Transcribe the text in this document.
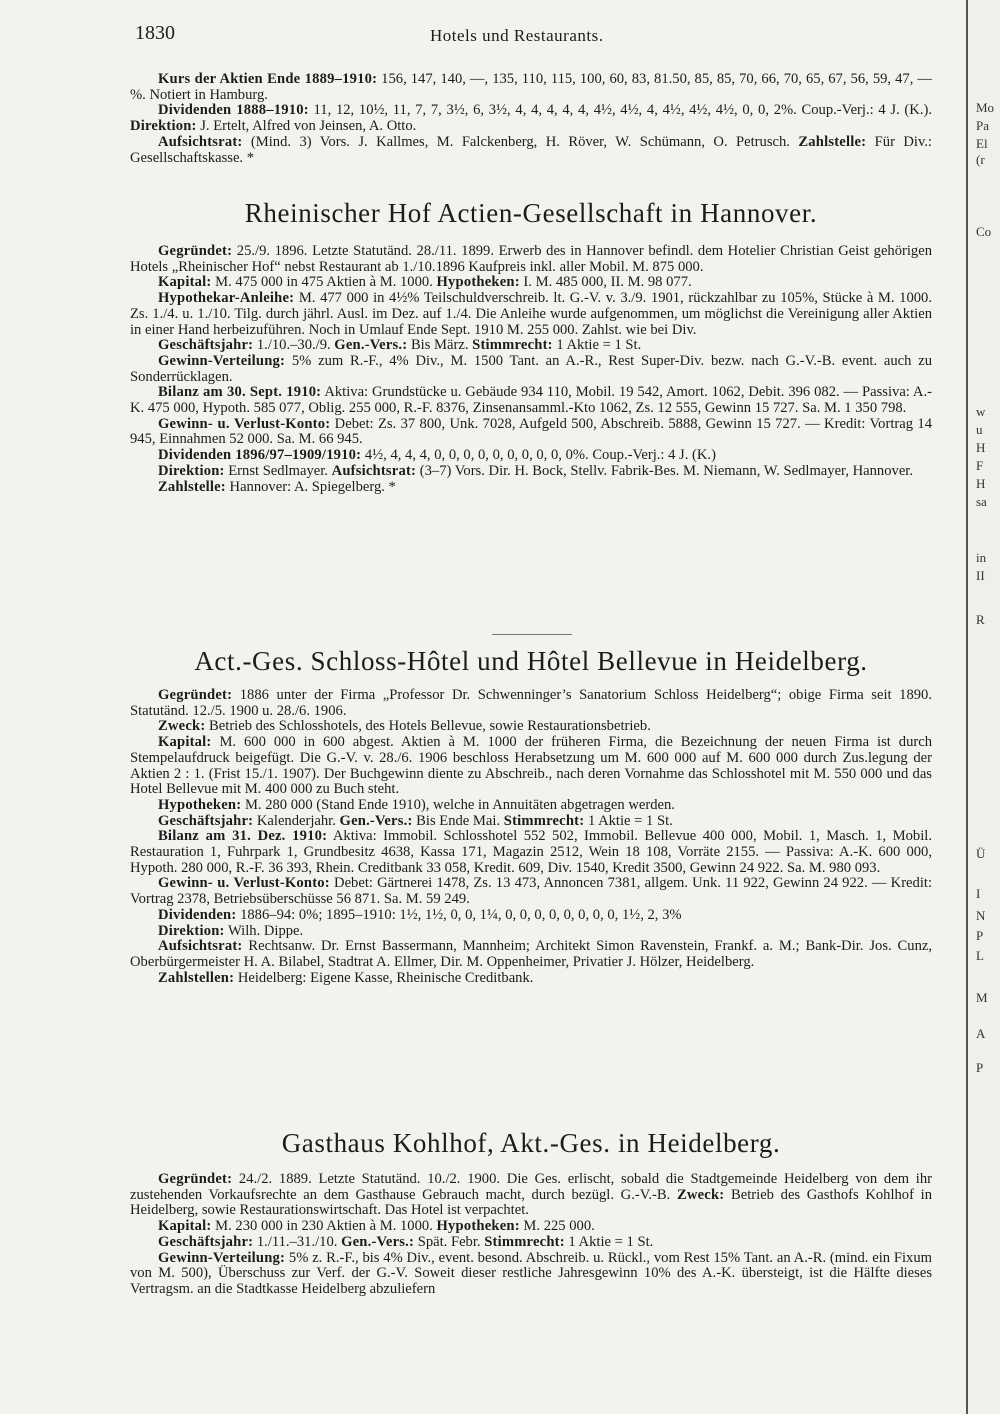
1830	Hotels und Restaurants.

Kurs der Aktien Ende 1889–1910: 156, 147, 140, —, 135, 110, 115, 100, 60, 83, 81.50, 85, 85, 70, 66, 70, 65, 67, 56, 59, 47, —%. Notiert in Hamburg.

Dividenden 1888–1910: 11, 12, 10½, 11, 7, 7, 3½, 6, 3½, 4, 4, 4, 4, 4, 4½, 4½, 4, 4½, 4½, 4½, 0, 0, 2%. Coup.-Verj.: 4 J. (K.). Direktion: J. Ertelt, Alfred von Jeinsen, A. Otto.

Aufsichtsrat: (Mind. 3) Vors. J. Kallmes, M. Falckenberg, H. Röver, W. Schümann, O. Petrusch. Zahlstelle: Für Div.: Gesellschaftskasse. *

Rheinischer Hof Actien-Gesellschaft in Hannover.

Gegründet: 25./9. 1896. Letzte Statutänd. 28./11. 1899. Erwerb des in Hannover befindl. dem Hotelier Christian Geist gehörigen Hotels „Rheinischer Hof“ nebst Restaurant ab 1./10.1896 Kaufpreis inkl. aller Mobil. M. 875 000.

Kapital: M. 475 000 in 475 Aktien à M. 1000. Hypotheken: I. M. 485 000, II. M. 98 077.

Hypothekar-Anleihe: M. 477 000 in 4½% Teilschuldverschreib. lt. G.-V. v. 3./9. 1901, rückzahlbar zu 105%, Stücke à M. 1000. Zs. 1./4. u. 1./10. Tilg. durch jährl. Ausl. im Dez. auf 1./4. Die Anleihe wurde aufgenommen, um möglichst die Vereinigung aller Aktien in einer Hand herbeizuführen. Noch in Umlauf Ende Sept. 1910 M. 255 000. Zahlst. wie bei Div.

Geschäftsjahr: 1./10.–30./9. Gen.-Vers.: Bis März. Stimmrecht: 1 Aktie = 1 St.

Gewinn-Verteilung: 5% zum R.-F., 4% Div., M. 1500 Tant. an A.-R., Rest Super-Div. bezw. nach G.-V.-B. event. auch zu Sonderrücklagen.

Bilanz am 30. Sept. 1910: Aktiva: Grundstücke u. Gebäude 934 110, Mobil. 19 542, Amort. 1062, Debit. 396 082. — Passiva: A.-K. 475 000, Hypoth. 585 077, Oblig. 255 000, R.-F. 8376, Zinsenansamml.-Kto 1062, Zs. 12 555, Gewinn 15 727. Sa. M. 1 350 798.

Gewinn- u. Verlust-Konto: Debet: Zs. 37 800, Unk. 7028, Aufgeld 500, Abschreib. 5888, Gewinn 15 727. — Kredit: Vortrag 14 945, Einnahmen 52 000. Sa. M. 66 945.

Dividenden 1896/97–1909/1910: 4½, 4, 4, 4, 0, 0, 0, 0, 0, 0, 0, 0, 0, 0%. Coup.-Verj.: 4 J. (K.)

Direktion: Ernst Sedlmayer. Aufsichtsrat: (3–7) Vors. Dir. H. Bock, Stellv. Fabrik-Bes. M. Niemann, W. Sedlmayer, Hannover.

Zahlstelle: Hannover: A. Spiegelberg. *

Act.-Ges. Schloss-Hôtel und Hôtel Bellevue in Heidelberg.

Gegründet: 1886 unter der Firma „Professor Dr. Schwenninger’s Sanatorium Schloss Heidelberg“; obige Firma seit 1890. Statutänd. 12./5. 1900 u. 28./6. 1906.

Zweck: Betrieb des Schlosshotels, des Hotels Bellevue, sowie Restaurationsbetrieb.

Kapital: M. 600 000 in 600 abgest. Aktien à M. 1000 der früheren Firma, die Bezeichnung der neuen Firma ist durch Stempelaufdruck beigefügt. Die G.-V. v. 28./6. 1906 beschloss Herabsetzung um M. 600 000 auf M. 600 000 durch Zus.legung der Aktien 2 : 1. (Frist 15./1. 1907). Der Buchgewinn diente zu Abschreib., nach deren Vornahme das Schlosshotel mit M. 550 000 und das Hotel Bellevue mit M. 400 000 zu Buch steht.

Hypotheken: M. 280 000 (Stand Ende 1910), welche in Annuitäten abgetragen werden.

Geschäftsjahr: Kalenderjahr. Gen.-Vers.: Bis Ende Mai. Stimmrecht: 1 Aktie = 1 St.

Bilanz am 31. Dez. 1910: Aktiva: Immobil. Schlosshotel 552 502, Immobil. Bellevue 400 000, Mobil. 1, Masch. 1, Mobil. Restauration 1, Fuhrpark 1, Grundbesitz 4638, Kassa 171, Magazin 2512, Wein 18 108, Vorräte 2155. — Passiva: A.-K. 600 000, Hypoth. 280 000, R.-F. 36 393, Rhein. Creditbank 33 058, Kredit. 609, Div. 1540, Kredit 3500, Gewinn 24 922. Sa. M. 980 093.

Gewinn- u. Verlust-Konto: Debet: Gärtnerei 1478, Zs. 13 473, Annoncen 7381, allgem. Unk. 11 922, Gewinn 24 922. — Kredit: Vortrag 2378, Betriebsüberschüsse 56 871. Sa. M. 59 249.

Dividenden: 1886–94: 0%; 1895–1910: 1½, 1½, 0, 0, 1¼, 0, 0, 0, 0, 0, 0, 0, 0, 1½, 2, 3%

Direktion: Wilh. Dippe.

Aufsichtsrat: Rechtsanw. Dr. Ernst Bassermann, Mannheim; Architekt Simon Ravenstein, Frankf. a. M.; Bank-Dir. Jos. Cunz, Oberbürgermeister H. A. Bilabel, Stadtrat A. Ellmer, Dir. M. Oppenheimer, Privatier J. Hölzer, Heidelberg.

Zahlstellen: Heidelberg: Eigene Kasse, Rheinische Creditbank.

Gasthaus Kohlhof, Akt.-Ges. in Heidelberg.

Gegründet: 24./2. 1889. Letzte Statutänd. 10./2. 1900. Die Ges. erlischt, sobald die Stadtgemeinde Heidelberg von dem ihr zustehenden Vorkaufsrechte an dem Gasthause Gebrauch macht, durch bezügl. G.-V.-B. Zweck: Betrieb des Gasthofs Kohlhof in Heidelberg, sowie Restaurationswirtschaft. Das Hotel ist verpachtet.

Kapital: M. 230 000 in 230 Aktien à M. 1000. Hypotheken: M. 225 000.

Geschäftsjahr: 1./11.–31./10. Gen.-Vers.: Spät. Febr. Stimmrecht: 1 Aktie = 1 St.

Gewinn-Verteilung: 5% z. R.-F., bis 4% Div., event. besond. Abschreib. u. Rückl., vom Rest 15% Tant. an A.-R. (mind. ein Fixum von M. 500), Überschuss zur Verf. der G.-V. Soweit dieser restliche Jahresgewinn 10% des A.-K. übersteigt, ist die Hälfte dieses Vertragsm. an die Stadtkasse Heidelberg abzuliefern

Mo
Pa
El
(r
Co
w
u
H
F
H
sa
in
II
R
Ü
I
N
P
L
M
A
P
